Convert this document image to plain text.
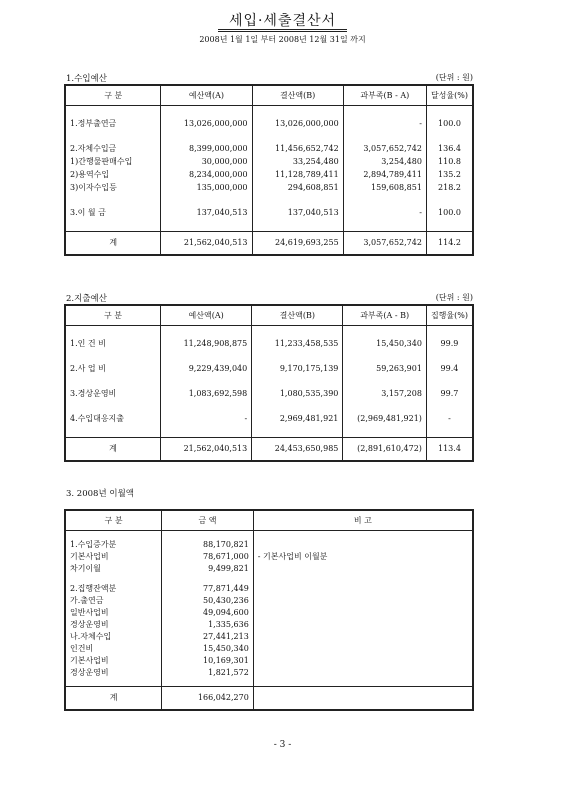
세입·세출결산서
2008년 1월 1일 부터 2008년 12월 31일 까지
1.수입예산	(단위 : 원)
구 분	예산액(A)	결산액(B)	과부족(B - A)	달성율(%)

1.정부출연금	13,026,000,000	13,026,000,000	-	100.0

2.자체수입금	8,399,000,000	11,456,652,742	3,057,652,742	136.4
1)간행물판매수입	30,000,000	33,254,480	3,254,480	110.8
2)용역수입	8,234,000,000	11,128,789,411	2,894,789,411	135.2
3)이자수입등	135,000,000	294,608,851	159,608,851	218.2

3.이 월 금	137,040,513	137,040,513	-	100.0

계	21,562,040,513	24,619,693,255	3,057,652,742	114.2
2.지출예산	(단위 : 원)
구 분	예산액(A)	결산액(B)	과부족(A - B)	집행율(%)

1.인 건 비	11,248,908,875	11,233,458,535	15,450,340	99.9

2.사 업 비	9,229,439,040	9,170,175,139	59,263,901	99.4

3.경상운영비	1,083,692,598	1,080,535,390	3,157,208	99.7

4.수입대응지출	-	2,969,481,921	(2,969,481,921)	-

계	21,562,040,513	24,453,650,985	(2,891,610,472)	113.4
3. 2008년 이월액
구 분	금 액	비 고

1.수입증가분	88,170,821	
기본사업비	78,671,000	- 기본사업비 이월분
차기이월	9,499,821	

2.집행잔액분	77,871,449	
가.출연금	50,430,236	
일반사업비	49,094,600	
경상운영비	1,335,636	
나.자체수입	27,441,213	
인건비	15,450,340	
기본사업비	10,169,301	
경상운영비	1,821,572	

계	166,042,270	
- 3 -
